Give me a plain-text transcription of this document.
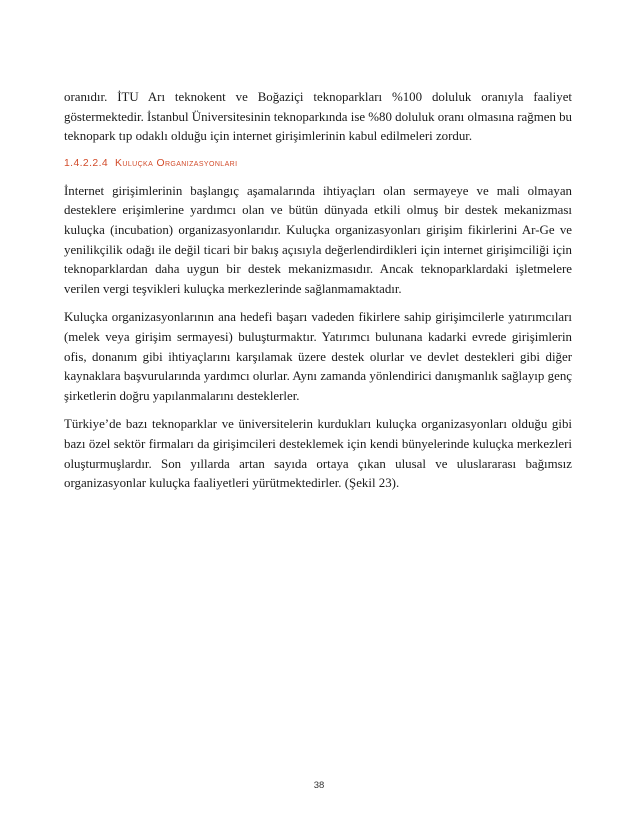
oranıdır. İTU Arı teknokent ve Boğaziçi teknoparkları %100 doluluk oranıyla faaliyet göstermektedir. İstanbul Üniversitesinin teknoparkında ise %80 doluluk oranı olmasına rağmen bu teknopark tıp odaklı olduğu için internet girişimlerinin kabul edilmeleri zordur.

1.4.2.2.4 Kuluçka Organizasyonları

İnternet girişimlerinin başlangıç aşamalarında ihtiyaçları olan sermayeye ve mali olmayan desteklere erişimlerine yardımcı olan ve bütün dünyada etkili olmuş bir destek mekanizması kuluçka (incubation) organizasyonlarıdır. Kuluçka organizasyonları girişim fikirlerini Ar-Ge ve yenilikçilik odağı ile değil ticari bir bakış açısıyla değerlendirdikleri için internet girişimciliği için teknoparklardan daha uygun bir destek mekanizmasıdır. Ancak teknoparklardaki işletmelere verilen vergi teşvikleri kuluçka merkezlerinde sağlanmamaktadır.

Kuluçka organizasyonlarının ana hedefi başarı vadeden fikirlere sahip girişimcilerle yatırımcıları (melek veya girişim sermayesi) buluşturmaktır. Yatırımcı bulunana kadarki evrede girişimlerin ofis, donanım gibi ihtiyaçlarını karşılamak üzere destek olurlar ve devlet destekleri gibi diğer kaynaklara başvurularında yardımcı olurlar. Aynı zamanda yönlendirici danışmanlık sağlayıp genç şirketlerin doğru yapılanmalarını desteklerler.

Türkiye’de bazı teknoparklar ve üniversitelerin kurdukları kuluçka organizasyonları olduğu gibi bazı özel sektör firmaları da girişimcileri desteklemek için kendi bünyelerinde kuluçka merkezleri oluşturmuşlardır. Son yıllarda artan sayıda ortaya çıkan ulusal ve uluslararası bağımsız organizasyonlar kuluçka faaliyetleri yürütmektedirler. (Şekil 23).

38
